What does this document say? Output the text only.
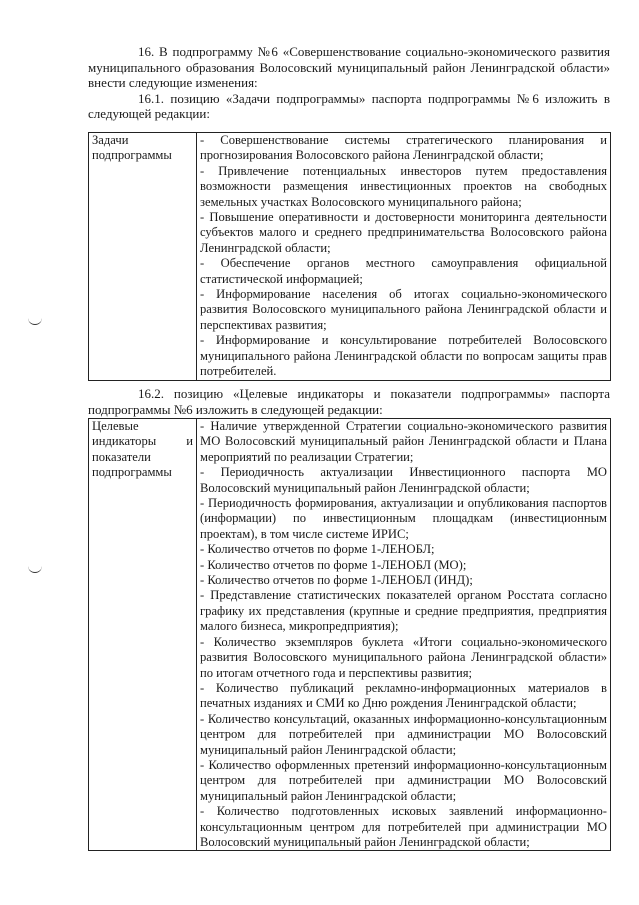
16. В подпрограмму №6 «Совершенствование социально-экономического развития муниципального образования Волосовский муниципальный район Ленинградской области» внести следующие изменения:

16.1. позицию «Задачи подпрограммы» паспорта подпрограммы №6 изложить в следующей редакции:

Задачи подпрограммы	

- Совершенствование системы стратегического планирования и прогнозирования Волосовского района Ленинградской области;

- Привлечение потенциальных инвесторов путем предоставления возможности размещения инвестиционных проектов на свободных земельных участках Волосовского муниципального района;

- Повышение оперативности и достоверности мониторинга деятельности субъектов малого и среднего предпринимательства Волосовского района Ленинградской области;

- Обеспечение органов местного самоуправления официальной статистической информацией;

- Информирование населения об итогах социально-экономического развития Волосовского муниципального района Ленинградской области и перспективах развития;

- Информирование и консультирование потребителей Волосовского муниципального района Ленинградской области по вопросам защиты прав потребителей.

16.2. позицию «Целевые индикаторы и показатели подпрограммы» паспорта подпрограммы №6 изложить в следующей редакции:

Целевые индикаторы и показатели подпрограммы	

- Наличие утвержденной Стратегии социально-экономического развития МО Волосовский муниципальный район Ленинградской области и Плана мероприятий по реализации Стратегии;

- Периодичность актуализации Инвестиционного паспорта МО Волосовский муниципальный район Ленинградской области;

- Периодичность формирования, актуализации и опубликования паспортов (информации) по инвестиционным площадкам (инвестиционным проектам), в том числе системе ИРИС;

- Количество отчетов по форме 1-ЛЕНОБЛ;

- Количество отчетов по форме 1-ЛЕНОБЛ (МО);

- Количество отчетов по форме 1-ЛЕНОБЛ (ИНД);

- Представление статистических показателей органом Росстата согласно графику их представления (крупные и средние предприятия, предприятия малого бизнеса, микропредприятия);

- Количество экземпляров буклета «Итоги социально-экономического развития Волосовского муниципального района Ленинградской области» по итогам отчетного года и перспективы развития;

- Количество публикаций рекламно-информационных материалов в печатных изданиях и СМИ ко Дню рождения Ленинградской области;

- Количество консультаций, оказанных информационно-консультационным центром для потребителей при администрации МО Волосовский муниципальный район Ленинградской области;

- Количество оформленных претензий информационно-консультационным центром для потребителей при администрации МО Волосовский муниципальный район Ленинградской области;

- Количество подготовленных исковых заявлений информационно-консультационным центром для потребителей при администрации МО Волосовский муниципальный район Ленинградской области;
